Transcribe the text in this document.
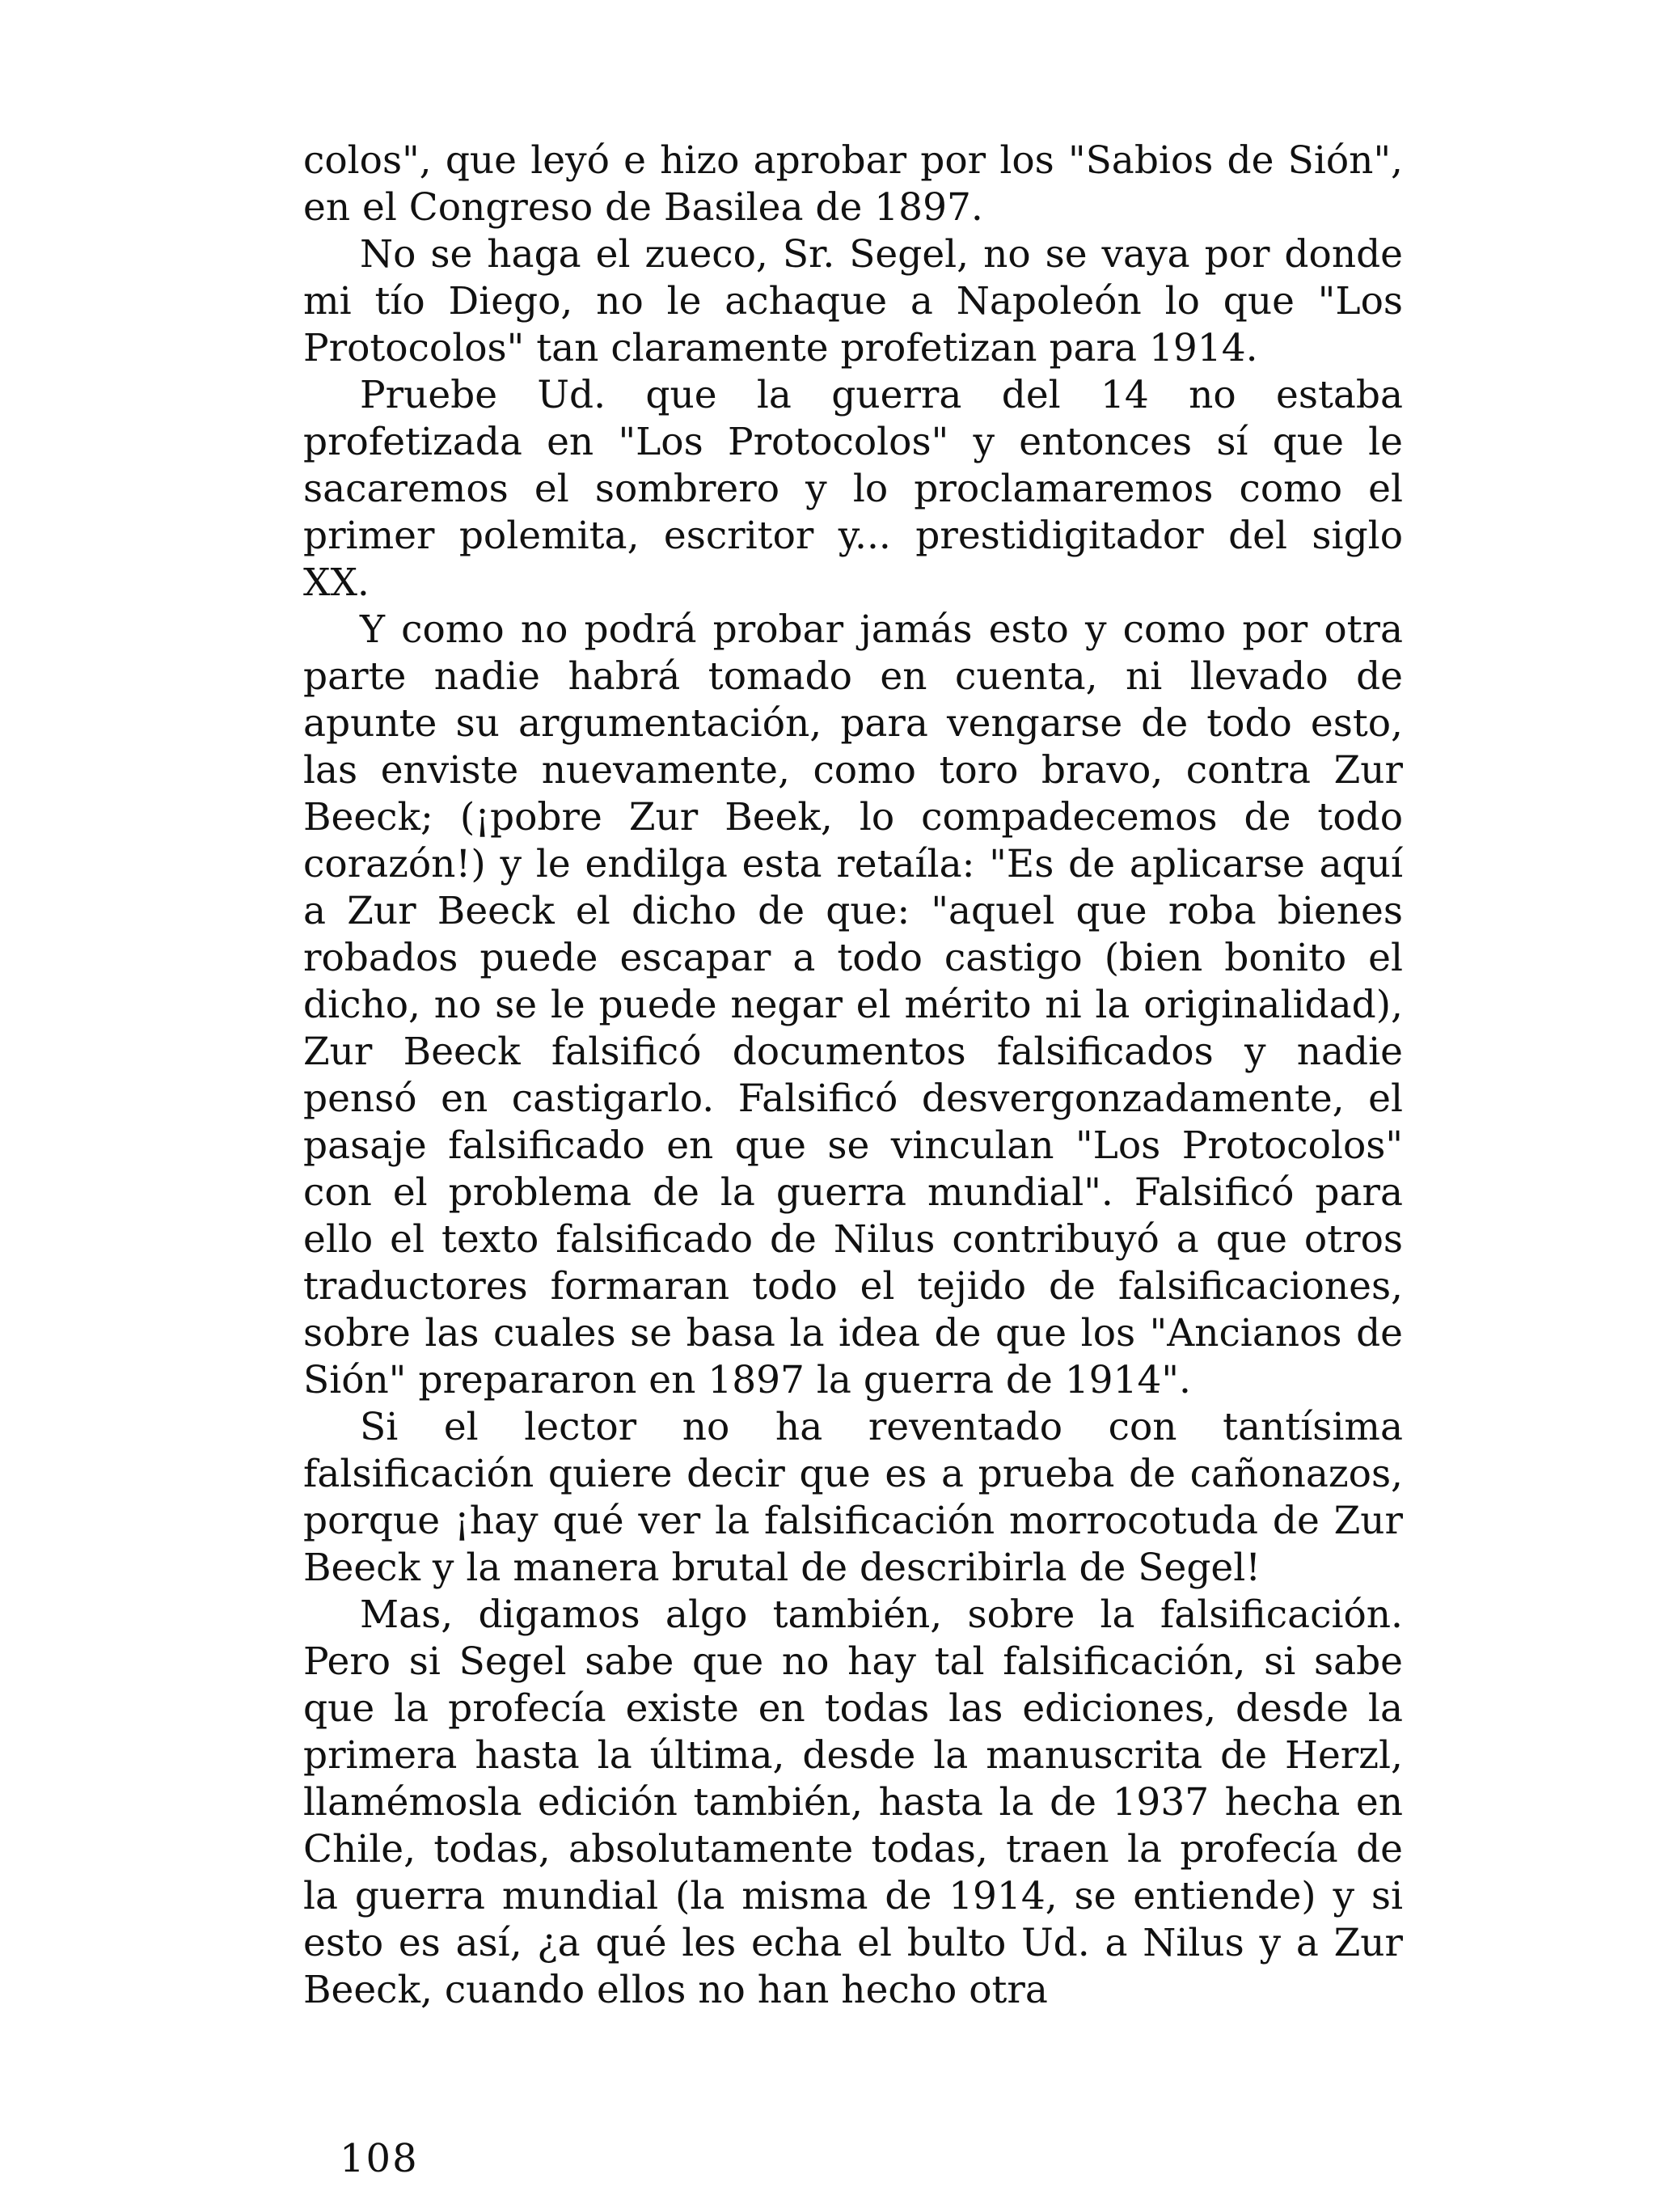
colos", que leyó e hizo aprobar por los "Sabios de Sión", en el Congreso de Basilea de 1897.

No se haga el zueco, Sr. Segel, no se vaya por donde mi tío Diego, no le achaque a Napoleón lo que "Los Protocolos" tan claramente profetizan para 1914.

Pruebe Ud. que la guerra del 14 no estaba profetizada en "Los Protocolos" y entonces sí que le sacaremos el sombrero y lo proclamaremos como el primer polemita, escritor y... prestidigitador del siglo XX.

Y como no podrá probar jamás esto y como por otra parte nadie habrá tomado en cuenta, ni llevado de apunte su argumentación, para vengarse de todo esto, las enviste nuevamente, como toro bravo, contra Zur Beeck; (¡pobre Zur Beek, lo compadecemos de todo corazón!) y le endilga esta retaíla: "Es de aplicarse aquí a Zur Beeck el dicho de que: "aquel que roba bienes robados puede escapar a todo castigo (bien bonito el dicho, no se le puede negar el mérito ni la originalidad), Zur Beeck falsificó documentos falsificados y nadie pensó en castigarlo. Falsificó desvergonzadamente, el pasaje falsificado en que se vinculan "Los Protocolos" con el problema de la guerra mundial". Falsificó para ello el texto falsificado de Nilus contribuyó a que otros traductores formaran todo el tejido de falsificaciones, sobre las cuales se basa la idea de que los "Ancianos de Sión" prepararon en 1897 la guerra de 1914".

Si el lector no ha reventado con tantísima falsificación quiere decir que es a prueba de cañonazos, porque ¡hay qué ver la falsificación morrocotuda de Zur Beeck y la manera brutal de describirla de Segel!

Mas, digamos algo también, sobre la falsificación. Pero si Segel sabe que no hay tal falsificación, si sabe que la profecía existe en todas las ediciones, desde la primera hasta la última, desde la manuscrita de Herzl, llamémosla edición también, hasta la de 1937 hecha en Chile, todas, absolutamente todas, traen la profecía de la guerra mundial (la misma de 1914, se entiende) y si esto es así, ¿a qué les echa el bulto Ud. a Nilus y a Zur Beeck, cuando ellos no han hecho otra

108
